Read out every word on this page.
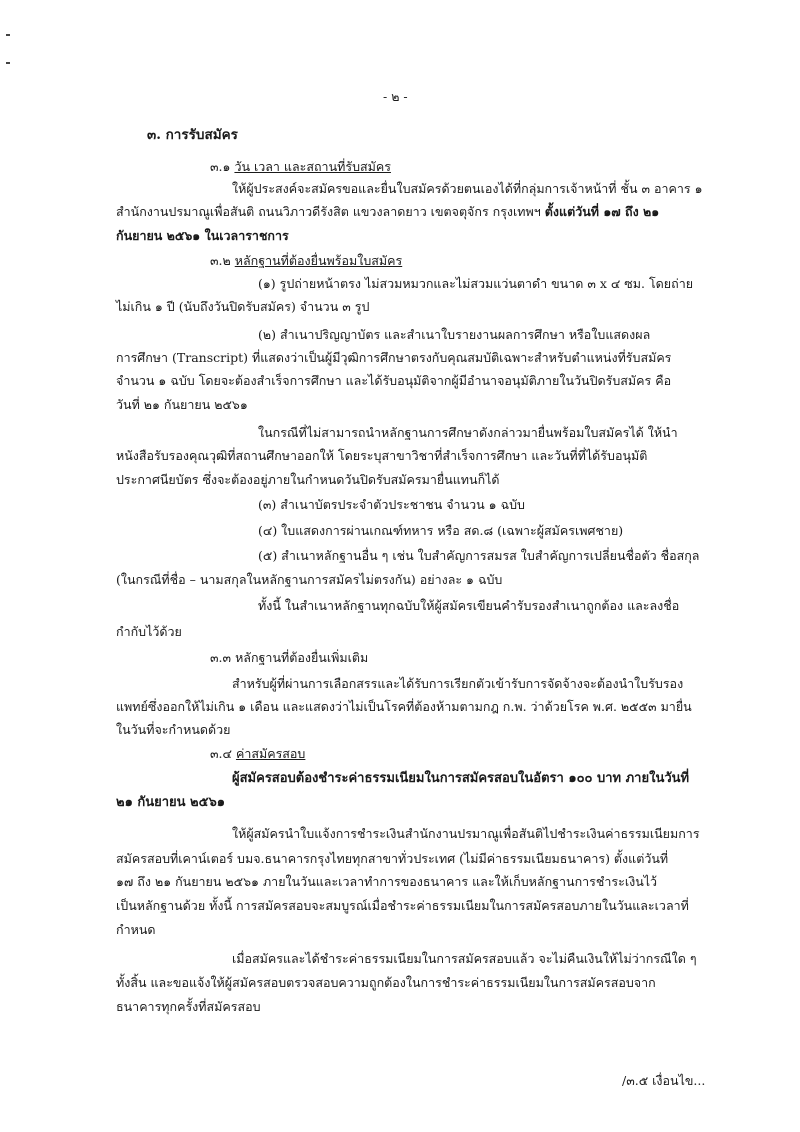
- ๒ -
๓. การรับสมัคร
๓.๑ วัน เวลา และสถานที่รับสมัคร
ให้ผู้ประสงค์จะสมัครขอและยื่นใบสมัครด้วยตนเองได้ที่กลุ่มการเจ้าหน้าที่ ชั้น ๓ อาคาร ๑
สำนักงานปรมาณูเพื่อสันติ ถนนวิภาวดีรังสิต แขวงลาดยาว เขตจตุจักร กรุงเทพฯ ตั้งแต่วันที่ ๑๗ ถึง ๒๑
กันยายน ๒๕๖๑ ในเวลาราชการ
๓.๒ หลักฐานที่ต้องยื่นพร้อมใบสมัคร
(๑) รูปถ่ายหน้าตรง ไม่สวมหมวกและไม่สวมแว่นตาดำ ขนาด ๓ x ๔ ซม. โดยถ่าย
ไม่เกิน ๑ ปี (นับถึงวันปิดรับสมัคร) จำนวน ๓ รูป
(๒) สำเนาปริญญาบัตร และสำเนาใบรายงานผลการศึกษา หรือใบแสดงผล
การศึกษา (Transcript) ที่แสดงว่าเป็นผู้มีวุฒิการศึกษาตรงกับคุณสมบัติเฉพาะสำหรับตำแหน่งที่รับสมัคร
จำนวน ๑ ฉบับ โดยจะต้องสำเร็จการศึกษา และได้รับอนุมัติจากผู้มีอำนาจอนุมัติภายในวันปิดรับสมัคร คือ
วันที่ ๒๑ กันยายน ๒๕๖๑
ในกรณีที่ไม่สามารถนำหลักฐานการศึกษาดังกล่าวมายื่นพร้อมใบสมัครได้ ให้นำ
หนังสือรับรองคุณวุฒิที่สถานศึกษาออกให้ โดยระบุสาขาวิชาที่สำเร็จการศึกษา และวันที่ที่ได้รับอนุมัติ
ประกาศนียบัตร ซึ่งจะต้องอยู่ภายในกำหนดวันปิดรับสมัครมายื่นแทนก็ได้
(๓) สำเนาบัตรประจำตัวประชาชน จำนวน ๑ ฉบับ
(๔) ใบแสดงการผ่านเกณฑ์ทหาร หรือ สด.๘ (เฉพาะผู้สมัครเพศชาย)
(๕) สำเนาหลักฐานอื่น ๆ เช่น ใบสำคัญการสมรส ใบสำคัญการเปลี่ยนชื่อตัว ชื่อสกุล
(ในกรณีที่ชื่อ – นามสกุลในหลักฐานการสมัครไม่ตรงกัน) อย่างละ ๑ ฉบับ
ทั้งนี้ ในสำเนาหลักฐานทุกฉบับให้ผู้สมัครเขียนคำรับรองสำเนาถูกต้อง และลงชื่อ
กำกับไว้ด้วย
๓.๓ หลักฐานที่ต้องยื่นเพิ่มเติม
สำหรับผู้ที่ผ่านการเลือกสรรและได้รับการเรียกตัวเข้ารับการจัดจ้างจะต้องนำใบรับรอง
แพทย์ซึ่งออกให้ไม่เกิน ๑ เดือน และแสดงว่าไม่เป็นโรคที่ต้องห้ามตามกฎ ก.พ. ว่าด้วยโรค พ.ศ. ๒๕๕๓ มายื่น
ในวันที่จะกำหนดด้วย
๓.๔ ค่าสมัครสอบ
ผู้สมัครสอบต้องชำระค่าธรรมเนียมในการสมัครสอบในอัตรา ๑๐๐ บาท ภายในวันที่
๒๑ กันยายน ๒๕๖๑
ให้ผู้สมัครนำใบแจ้งการชำระเงินสำนักงานปรมาณูเพื่อสันติไปชำระเงินค่าธรรมเนียมการ
สมัครสอบที่เคาน์เตอร์ บมจ.ธนาคารกรุงไทยทุกสาขาทั่วประเทศ (ไม่มีค่าธรรมเนียมธนาคาร) ตั้งแต่วันที่
๑๗ ถึง ๒๑ กันยายน ๒๕๖๑ ภายในวันและเวลาทำการของธนาคาร และให้เก็บหลักฐานการชำระเงินไว้
เป็นหลักฐานด้วย ทั้งนี้ การสมัครสอบจะสมบูรณ์เมื่อชำระค่าธรรมเนียมในการสมัครสอบภายในวันและเวลาที่
กำหนด
เมื่อสมัครและได้ชำระค่าธรรมเนียมในการสมัครสอบแล้ว จะไม่คืนเงินให้ไม่ว่ากรณีใด ๆ
ทั้งสิ้น และขอแจ้งให้ผู้สมัครสอบตรวจสอบความถูกต้องในการชำระค่าธรรมเนียมในการสมัครสอบจาก
ธนาคารทุกครั้งที่สมัครสอบ
/๓.๕ เงื่อนไข...
